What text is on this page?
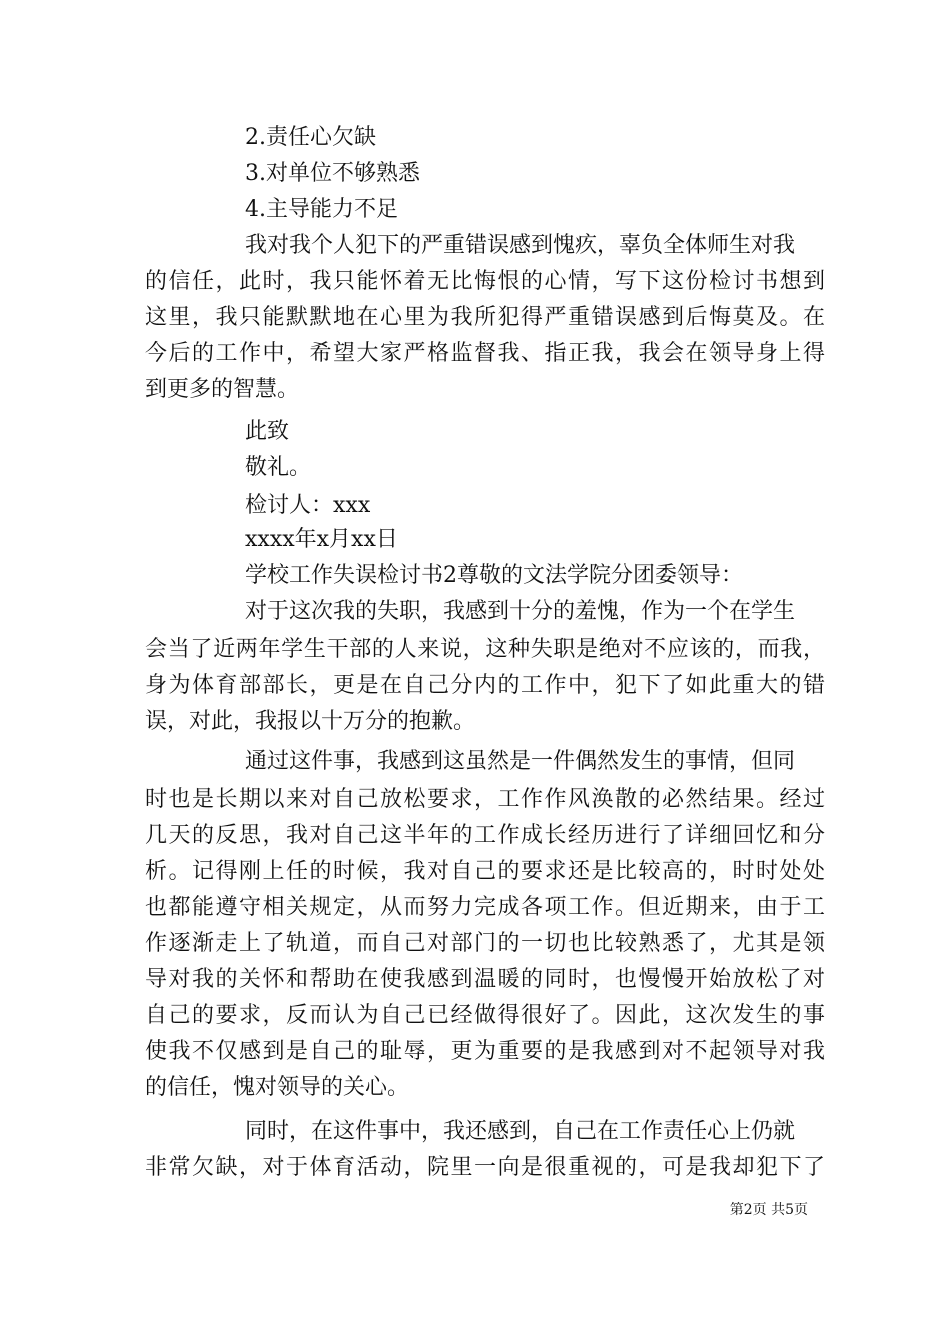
2.责任心欠缺
3.对单位不够熟悉
4.主导能力不足
我对我个人犯下的严重错误感到愧疚，辜负全体师生对我
的信任，此时，我只能怀着无比悔恨的心情，写下这份检讨书想到
这里，我只能默默地在心里为我所犯得严重错误感到后悔莫及。在
今后的工作中，希望大家严格监督我、指正我，我会在领导身上得
到更多的智慧。
此致
敬礼。
检讨人：xxx
xxxx年x月xx日
学校工作失误检讨书2尊敬的文法学院分团委领导：
对于这次我的失职，我感到十分的羞愧，作为一个在学生
会当了近两年学生干部的人来说，这种失职是绝对不应该的，而我，
身为体育部部长，更是在自己分内的工作中，犯下了如此重大的错
误，对此，我报以十万分的抱歉。
通过这件事，我感到这虽然是一件偶然发生的事情，但同
时也是长期以来对自己放松要求，工作作风涣散的必然结果。经过
几天的反思，我对自己这半年的工作成长经历进行了详细回忆和分
析。记得刚上任的时候，我对自己的要求还是比较高的，时时处处
也都能遵守相关规定，从而努力完成各项工作。但近期来，由于工
作逐渐走上了轨道，而自己对部门的一切也比较熟悉了，尤其是领
导对我的关怀和帮助在使我感到温暖的同时，也慢慢开始放松了对
自己的要求，反而认为自己已经做得很好了。因此，这次发生的事
使我不仅感到是自己的耻辱，更为重要的是我感到对不起领导对我
的信任，愧对领导的关心。
同时，在这件事中，我还感到，自己在工作责任心上仍就
非常欠缺，对于体育活动，院里一向是很重视的，可是我却犯下了
第2页 共5页
